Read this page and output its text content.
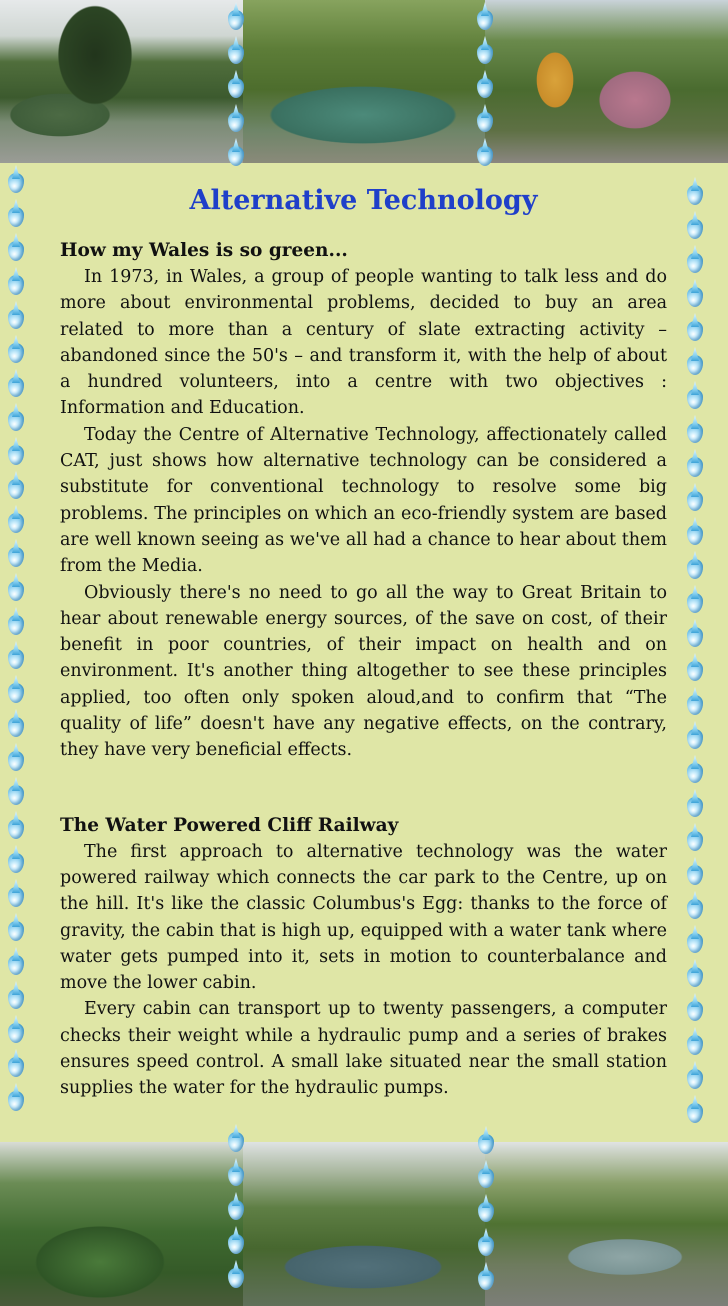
Alternative Technology
How my Wales is so green...

In 1973, in Wales, a group of people wanting to talk less and do more about environmental problems, decided to buy an area related to more than a century of slate extracting activity – abandoned since the 50's – and transform it, with the help of about a hundred volunteers, into a centre with two objectives : Information and Education.

Today the Centre of Alternative Technology, affectionately called CAT, just shows how alternative technology can be considered a substitute for conventional technology to resolve some big problems. The principles on which an eco-friendly system are based are well known seeing as we've all had a chance to hear about them from the Media.

Obviously there's no need to go all the way to Great Britain to hear about renewable energy sources, of the save on cost, of their benefit in poor countries, of their impact on health and on environment. It's another thing altogether to see these principles applied, too often only spoken aloud,and to confirm that “The quality of life” doesn't have any negative effects, on the contrary, they have very beneficial effects.

The Water Powered Cliff Railway

The first approach to alternative technology was the water powered railway which connects the car park to the Centre, up on the hill. It's like the classic Columbus's Egg: thanks to the force of gravity, the cabin that is high up, equipped with a water tank where water gets pumped into it, sets in motion to counterbalance and move the lower cabin.

Every cabin can transport up to twenty passengers, a computer checks their weight while a hydraulic pump and a series of brakes ensures speed control. A small lake situated near the small station supplies the water for the hydraulic pumps.
